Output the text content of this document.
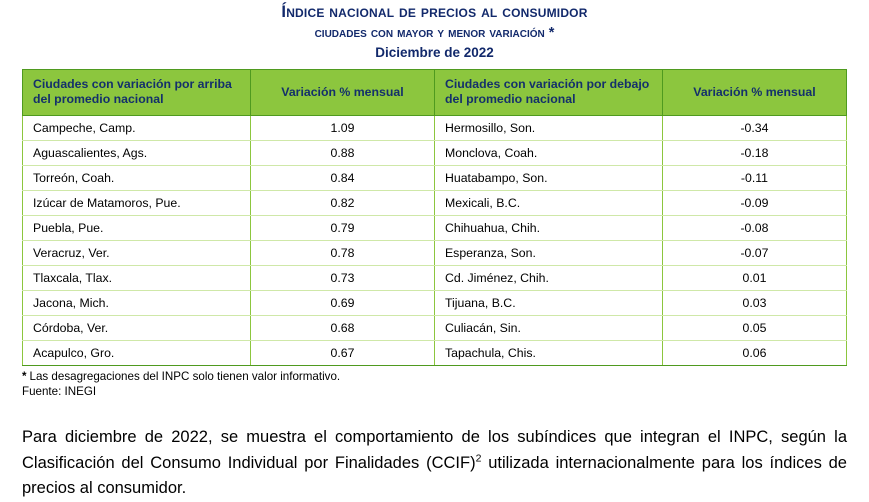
Índice nacional de precios al consumidor
ciudades con mayor y menor variación *
Diciembre de 2022
Ciudades con variación por arriba del promedio nacional	Variación % mensual	Ciudades con variación por debajo del promedio nacional	Variación % mensual
Campeche, Camp.	1.09	Hermosillo, Son.	-0.34
Aguascalientes, Ags.	0.88	Monclova, Coah.	-0.18
Torreón, Coah.	0.84	Huatabampo, Son.	-0.11
Izúcar de Matamoros, Pue.	0.82	Mexicali, B.C.	-0.09
Puebla, Pue.	0.79	Chihuahua, Chih.	-0.08
Veracruz, Ver.	0.78	Esperanza, Son.	-0.07
Tlaxcala, Tlax.	0.73	Cd. Jiménez, Chih.	0.01
Jacona, Mich.	0.69	Tijuana, B.C.	0.03
Córdoba, Ver.	0.68	Culiacán, Sin.	0.05
Acapulco, Gro.	0.67	Tapachula, Chis.	0.06
* Las desagregaciones del INPC solo tienen valor informativo.
Fuente: INEGI
Para diciembre de 2022, se muestra el comportamiento de los subíndices que integran el INPC, según la Clasificación del Consumo Individual por Finalidades (CCIF)$^2$ utilizada internacionalmente para los índices de precios al consumidor.
